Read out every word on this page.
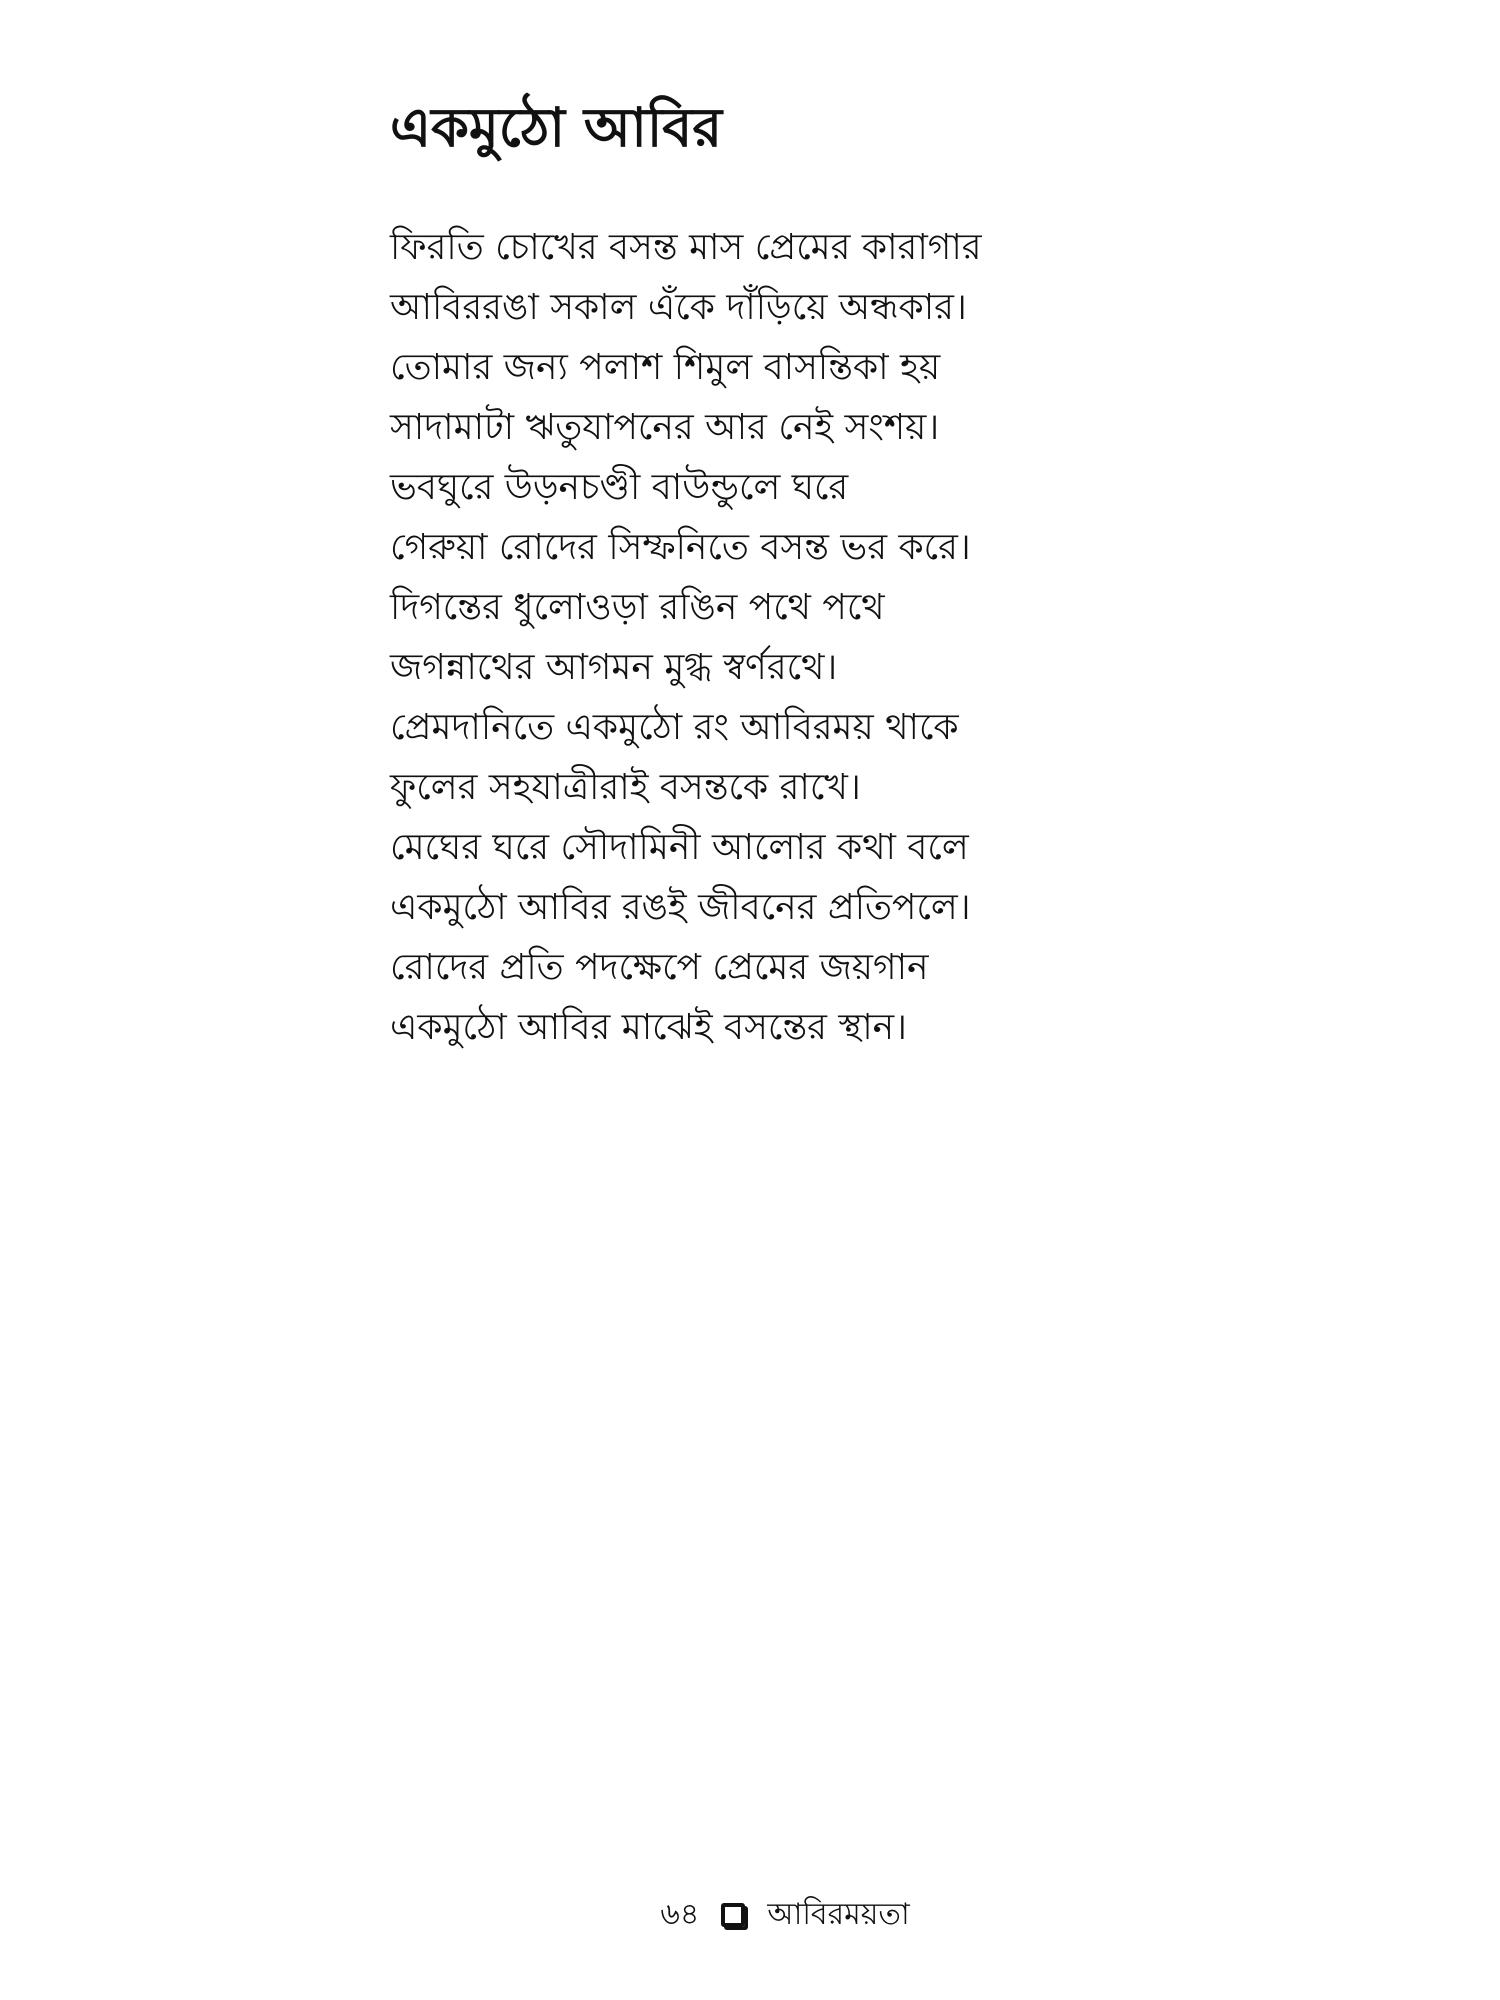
একমুঠো আবির
ফিরতি চোখের বসন্ত মাস প্রেমের কারাগার
আবিররঙা সকাল এঁকে দাঁড়িয়ে অন্ধকার।
তোমার জন্য পলাশ শিমুল বাসন্তিকা হয়
সাদামাটা ঋতুযাপনের আর নেই সংশয়।
ভবঘুরে উড়নচণ্ডী বাউন্ডুলে ঘরে
গেরুয়া রোদের সিম্ফনিতে বসন্ত ভর করে।
দিগন্তের ধুলোওড়া রঙিন পথে পথে
জগন্নাথের আগমন মুগ্ধ স্বর্ণরথে।
প্রেমদানিতে একমুঠো রং আবিরময় থাকে
ফুলের সহযাত্রীরাই বসন্তকে রাখে।
মেঘের ঘরে সৌদামিনী আলোর কথা বলে
একমুঠো আবির রঙই জীবনের প্রতিপলে।
রোদের প্রতি পদক্ষেপে প্রেমের জয়গান
একমুঠো আবির মাঝেই বসন্তের স্থান।
৬৪ আবিরময়তা
